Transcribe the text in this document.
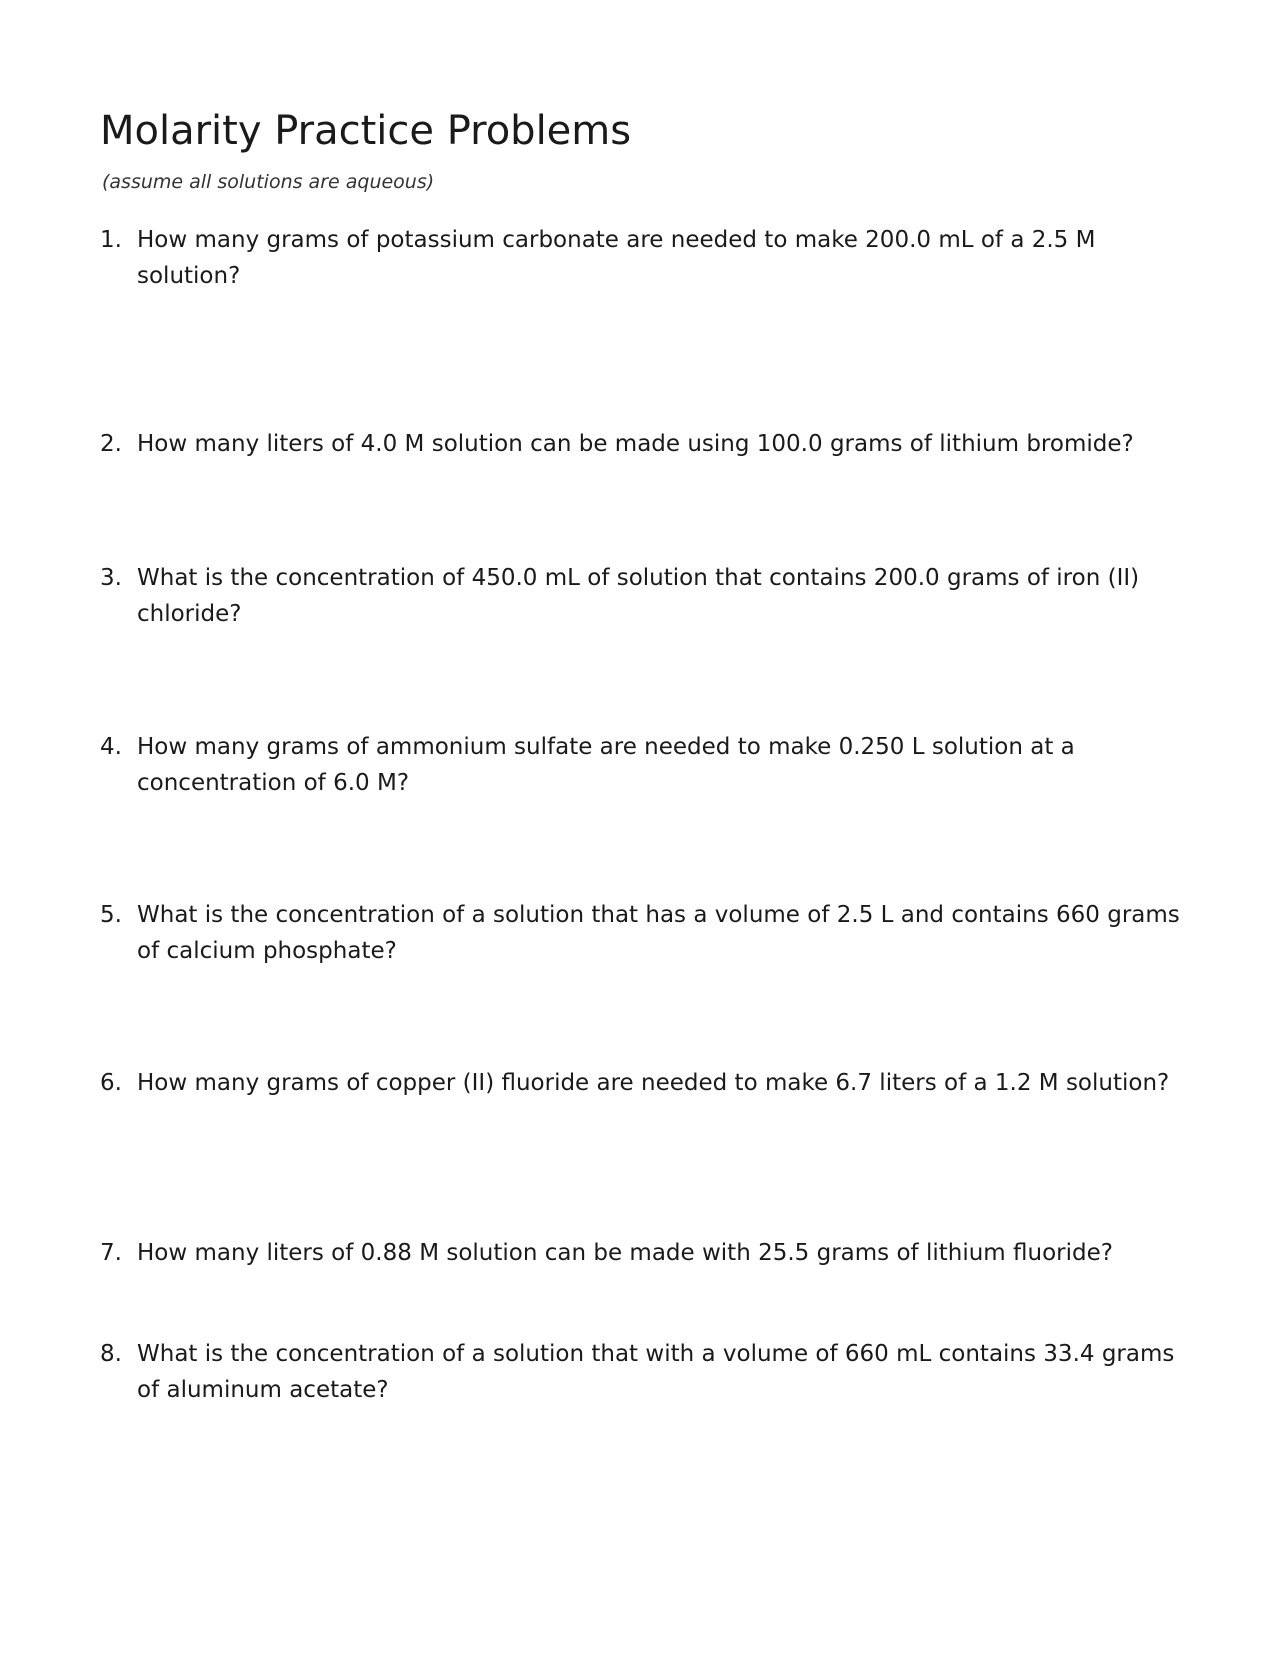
Molarity Practice Problems

(assume all solutions are aqueous)

1. How many grams of potassium carbonate are needed to make 200.0 mL of a 2.5 M solution?
2. How many liters of 4.0 M solution can be made using 100.0 grams of lithium bromide?
3. What is the concentration of 450.0 mL of solution that contains 200.0 grams of iron (II) chloride?
4. How many grams of ammonium sulfate are needed to make 0.250 L solution at a concentration of 6.0 M?
5. What is the concentration of a solution that has a volume of 2.5 L and contains 660 grams of calcium phosphate?
6. How many grams of copper (II) fluoride are needed to make 6.7 liters of a 1.2 M solution?
7. How many liters of 0.88 M solution can be made with 25.5 grams of lithium fluoride?
8. What is the concentration of a solution that with a volume of 660 mL contains 33.4 grams of aluminum acetate?
